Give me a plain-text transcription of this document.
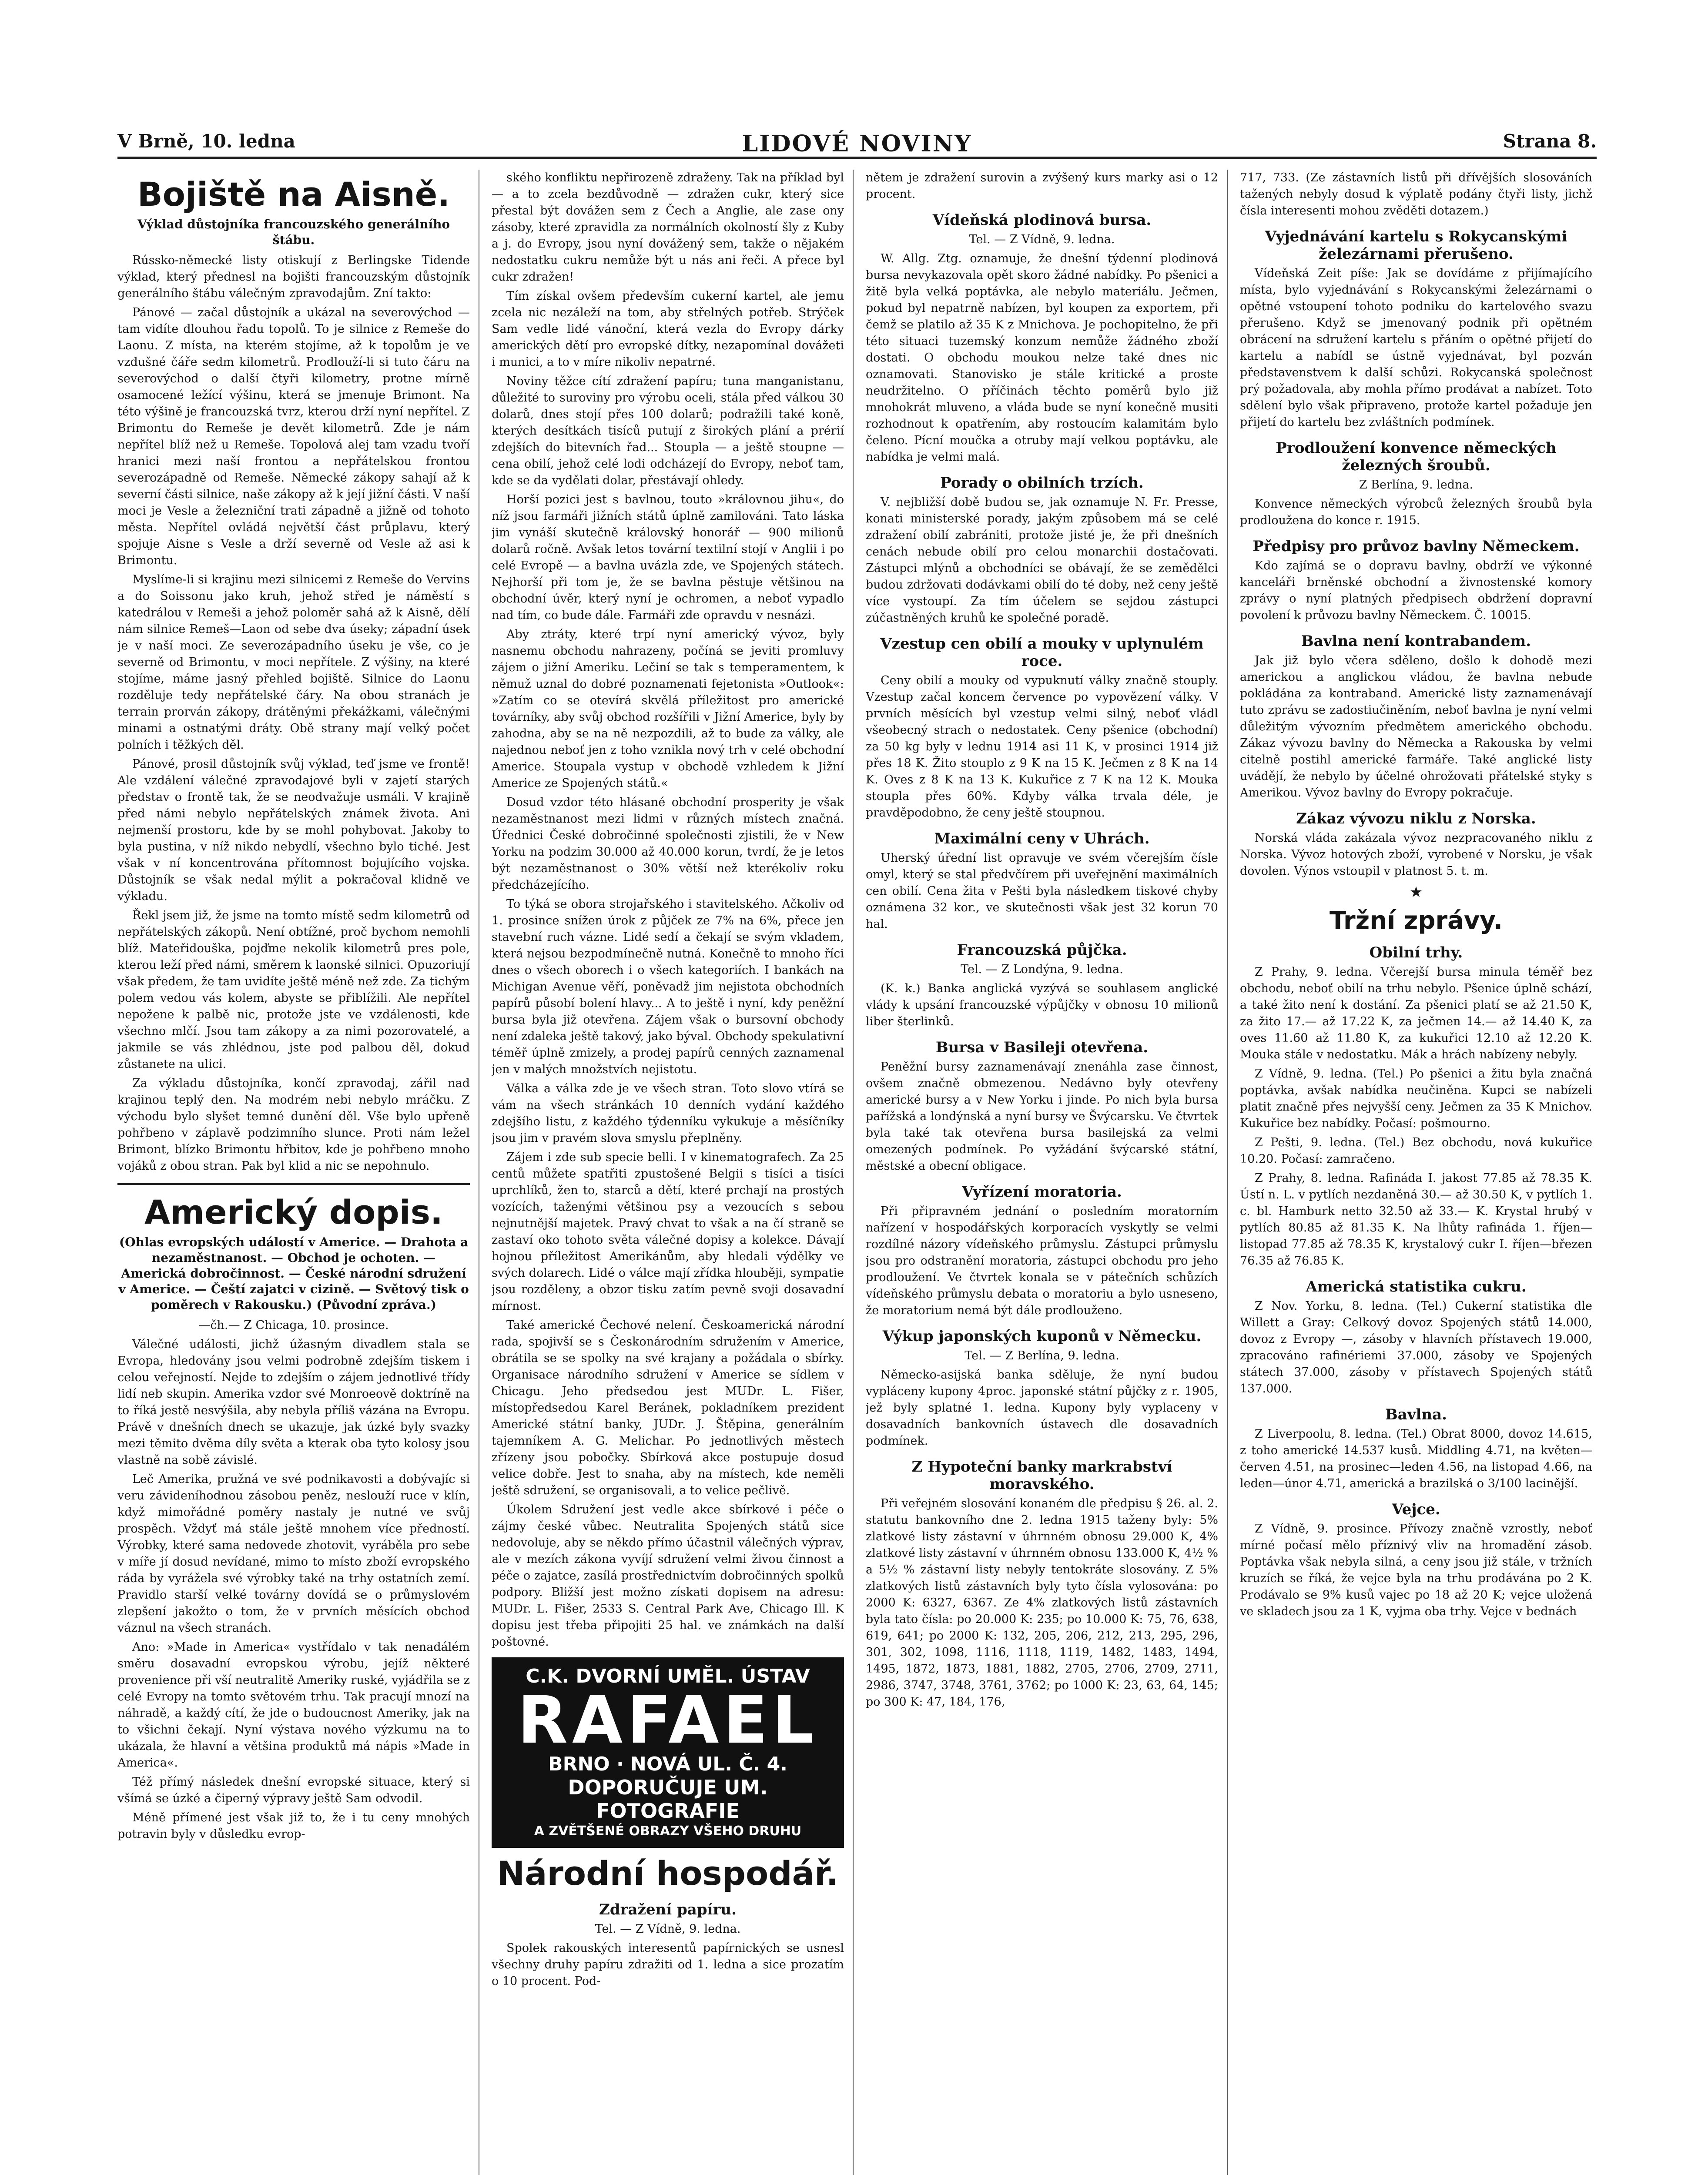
V Brně, 10. ledna	LIDOVÉ NOVINY	Strana 8.
Bojiště na Aisně.
Výklad důstojníka francouzského generálního štábu.

Rússko-německé listy otiskují z Berlingske Tidende výklad, který přednesl na bojišti francouzským důstojník generálního štábu válečným zpravodajům. Zní takto:

Pánové — začal důstojník a ukázal na severovýchod — tam vidíte dlouhou řadu topolů. To je silnice z Remeše do Laonu. Z místa, na kterém stojíme, až k topolům je ve vzdušné čáře sedm kilometrů. Prodlouží-li si tuto čáru na severovýchod o další čtyři kilometry, protne mírně osamocené ležící výšinu, která se jmenuje Brimont. Na této výšině je francouzská tvrz, kterou drží nyní nepřítel. Z Brimontu do Remeše je devět kilometrů. Zde je nám nepřítel blíž než u Remeše. Topolová alej tam vzadu tvoří hranici mezi naší frontou a nepřátelskou frontou severozápadně od Remeše. Německé zákopy sahají až k severní části silnice, naše zákopy až k její jižní části. V naší moci je Vesle a železniční trati západně a jižně od tohoto města. Nepřítel ovládá největší část průplavu, který spojuje Aisne s Vesle a drží severně od Vesle až asi k Brimontu.

Myslíme-li si krajinu mezi silnicemi z Remeše do Vervins a do Soissonu jako kruh, jehož střed je náměstí s katedrálou v Remeši a jehož poloměr sahá až k Aisně, dělí nám silnice Remeš—Laon od sebe dva úseky; západní úsek je v naší moci. Ze severozápadního úseku je vše, co je severně od Brimontu, v moci nepřítele. Z výšiny, na které stojíme, máme jasný přehled bojiště. Silnice do Laonu rozděluje tedy nepřátelské čáry. Na obou stranách je terrain prorván zákopy, drátěnými překážkami, válečnými minami a ostnatými dráty. Obě strany mají velký počet polních i těžkých děl.

Pánové, prosil důstojník svůj výklad, teď jsme ve frontě! Ale vzdálení válečné zpravodajové byli v zajetí starých představ o frontě tak, že se neodvažuje usmáli. V krajině před námi nebylo nepřátelských známek života. Ani nejmenší prostoru, kde by se mohl pohybovat. Jakoby to byla pustina, v níž nikdo nebydlí, všechno bylo tiché. Jest však v ní koncentrována přítomnost bojujícího vojska. Důstojník se však nedal mýlit a pokračoval klidně ve výkladu.

Řekl jsem již, že jsme na tomto místě sedm kilometrů od nepřátelských zákopů. Není obtížné, proč bychom nemohli blíž. Mateřidouška, pojďme nekolik kilometrů pres pole, kterou leží před námi, směrem k laonské silnici. Opuzoriují však předem, že tam uvidíte ještě méně než zde. Za tichým polem vedou vás kolem, abyste se přiblížili. Ale nepřítel nepožene k palbě nic, protože jste ve vzdálenosti, kde všechno mlčí. Jsou tam zákopy a za nimi pozorovatelé, a jakmile se vás zhlédnou, jste pod palbou děl, dokud zůstanete na ulici.

Za výkladu důstojníka, končí zpravodaj, zářil nad krajinou teplý den. Na modrém nebi nebylo mráčku. Z východu bylo slyšet temné dunění děl. Vše bylo upřeně pohřbeno v záplavě podzimního slunce. Proti nám ležel Brimont, blízko Brimontu hřbitov, kde je pohřbeno mnoho vojáků z obou stran. Pak byl klid a nic se nepohnulo.

Americký dopis.
(Ohlas evropských událostí v Americe. — Drahota a nezaměstnanost. — Obchod je ochoten. — Americká dobročinnost. — České národní sdružení v Americe. — Čeští zajatci v cizině. — Světový tisk o poměrech v Rakousku.) (Původní zpráva.)
—čh.— Z Chicaga, 10. prosince.

Válečné události, jichž úžasným divadlem stala se Evropa, hledovány jsou velmi podrobně zdejším tiskem i celou veřejností. Nejde to zdejším o zájem jednotlivé třídy lidí neb skupin. Amerika vzdor své Monroeově doktríně na to říká jestě nesvýšila, aby nebyla příliš vázána na Evropu. Právě v dnešních dnech se ukazuje, jak úzké byly svazky mezi těmito dvěma díly světa a kterak oba tyto kolosy jsou vlastně na sobě závislé.

Leč Amerika, pružná ve své podnikavosti a dobývajíc si veru závideníhodnou zásobou peněz, neslouží ruce v klín, když mimořádné poměry nastaly je nutné ve svůj prospěch. Vždyť má stále ještě mnohem více předností. Výrobky, které sama nedovede zhotovit, vyráběla pro sebe v míře jí dosud nevídané, mimo to místo zboží evropského ráda by vyrážela své výrobky také na trhy ostatních zemí. Pravidlo starší velké továrny dovídá se o průmyslovém zlepšení jakožto o tom, že v prvních měsících obchod váznul na všech stranách.

Ano: »Made in America« vystřídalo v tak nenadálém směru dosavadní evropskou výrobu, jejíž některé provenience při vší neutralitě Ameriky ruské, vyjádřila se z celé Evropy na tomto světovém trhu. Tak pracují mnozí na náhradě, a každý cítí, že jde o budoucnost Ameriky, jak na to všichni čekají. Nyní výstava nového výzkumu na to ukázala, že hlavní a většina produktů má nápis »Made in America«.

Též přímý následek dnešní evropské situace, který si všímá se úzké a čiperný výpravy ještě Sam odvodil.

Méně přímené jest však již to, že i tu ceny mnohých potravin byly v důsledku evrop-

ského konfliktu nepřirozeně zdraženy. Tak na příklad byl — a to zcela bezdůvodně — zdražen cukr, který sice přestal být dovážen sem z Čech a Anglie, ale zase ony zásoby, které zpravidla za normálních okolností šly z Kuby a j. do Evropy, jsou nyní dovážený sem, takže o nějakém nedostatku cukru nemůže být u nás ani řeči. A přece byl cukr zdražen!

Tím získal ovšem především cukerní kartel, ale jemu zcela nic nezáleží na tom, aby střelných potřeb. Strýček Sam vedle lidé vánoční, která vezla do Evropy dárky amerických dětí pro evropské dítky, nezapomínal dovážeti i munici, a to v míre nikoliv nepatrné.

Noviny těžce cítí zdražení papíru; tuna manganistanu, důležité to suroviny pro výrobu oceli, stála před válkou 30 dolarů, dnes stojí přes 100 dolarů; podražili také koně, kterých desítkách tisíců putují z širokých plání a prérií zdejších do bitevních řad... Stoupla — a ještě stoupne — cena obilí, jehož celé lodi odcházejí do Evropy, neboť tam, kde se da vydělati dolar, přestávají ohledy.

Horší pozici jest s bavlnou, touto »královnou jihu«, do níž jsou farmáři jižních států úplně zamilováni. Tato láska jim vynáší skutečně královský honorář — 900 milionů dolarů ročně. Avšak letos tovární textilní stojí v Anglii i po celé Evropě — a bavlna uvázla zde, ve Spojených státech. Nejhorší při tom je, že se bavlna pěstuje většinou na obchodní úvěr, který nyní je ochromen, a neboť vypadlo nad tím, co bude dále. Farmáři zde opravdu v nesnázi.

Aby ztráty, které trpí nyní americký vývoz, byly nasnemu obchodu nahrazeny, počíná se jeviti promluvy zájem o jižní Ameriku. Lečiní se tak s temperamentem, k němuž uznal do dobré poznamenati fejetonista »Outlook«: »Zatím co se otevírá skvělá příležitost pro americké továrníky, aby svůj obchod rozšířili v Jižní Americe, byly by zahodna, aby se na ně nezpozdili, až to bude za války, ale najednou neboť jen z toho vznikla nový trh v celé obchodní Americe. Stoupala vystup v obchodě vzhledem k Jižní Americe ze Spojených států.«

Dosud vzdor této hlásané obchodní prosperity je však nezaměstnanost mezi lidmi v různých místech značná. Úřednici České dobročinné společnosti zjistili, že v New Yorku na podzim 30.000 až 40.000 korun, tvrdí, že je letos být nezaměstnanost o 30% větší než kterékoliv roku předcházejícího.

To týká se obora strojařského i stavitelského. Ačkoliv od 1. prosince snížen úrok z půjček ze 7% na 6%, přece jen stavební ruch vázne. Lidé sedí a čekají se svým vkladem, která nejsou bezpodmínečně nutná. Konečně to mnoho říci dnes o všech oborech i o všech kategoriích. I bankách na Michigan Avenue věří, poněvadž jim nejistota obchodních papírů působí bolení hlavy... A to ještě i nyní, kdy peněžní bursa byla již otevřena. Zájem však o bursovní obchody není zdaleka ještě takový, jako býval. Obchody spekulativní téměř úplně zmizely, a prodej papírů cenných zaznamenal jen v malých množstvích nejistotu.

Válka a válka zde je ve všech stran. Toto slovo vtírá se vám na všech stránkách 10 denních vydání každého zdejšího listu, z každého týdenníku vykukuje a měsíčníky jsou jim v pravém slova smyslu přeplněny.

Zájem i zde sub specie belli. I v kinematografech. Za 25 centů můžete spatřiti zpustošené Belgii s tisíci a tisíci uprchlíků, žen to, starců a dětí, které prchají na prostých vozících, taženými většinou psy a vezoucích s sebou nejnutnější majetek. Pravý chvat to však a na čí straně se zastaví oko tohoto světa válečné dopisy a kolekce. Dávají hojnou příležitost Amerikánům, aby hledali výdělky ve svých dolarech. Lidé o válce mají zřídka hlouběji, sympatie jsou rozděleny, a obzor tisku zatím pevně svoji dosavadní mírnost.

Také americké Čechové nelení. Českoamerická národní rada, spojivší se s Českonárodním sdružením v Americe, obrátila se se spolky na své krajany a požádala o sbírky. Organisace národního sdružení v Americe se sídlem v Chicagu. Jeho předsedou jest MUDr. L. Fišer, místopředsedou Karel Beránek, pokladníkem prezident Americké státní banky, JUDr. J. Štěpina, generálním tajemníkem A. G. Melichar. Po jednotlivých městech zřízeny jsou pobočky. Sbírková akce postupuje dosud velice dobře. Jest to snaha, aby na místech, kde neměli ještě sdružení, se organisovali, a to velice pečlivě.

Úkolem Sdružení jest vedle akce sbírkové i péče o zájmy české vůbec. Neutralita Spojených států sice nedovoluje, aby se někdo přímo účastnil válečných výprav, ale v mezích zákona vyvíjí sdružení velmi živou činnost a péče o zajatce, zasílá prostřednictvím dobročinných spolků podpory. Bližší jest možno získati dopisem na adresu: MUDr. L. Fišer, 2533 S. Central Park Ave, Chicago Ill. K dopisu jest třeba připojiti 25 hal. ve známkách na další poštovné.

C.K. DVORNÍ UMĚL. ÚSTAV
RAFAEL
BRNO · NOVÁ UL. Č. 4.
DOPORUČUJE UM. FOTOGRAFIE
A ZVĚTŠENÉ OBRAZY VŠEHO DRUHU
Národní hospodář.
Zdražení papíru.
Tel. — Z Vídně, 9. ledna.

Spolek rakouských interesentů papírnických se usnesl všechny druhy papíru zdražiti od 1. ledna a sice prozatím o 10 procent. Pod-

nětem je zdražení surovin a zvýšený kurs marky asi o 12 procent.

Vídeňská plodinová bursa.
Tel. — Z Vídně, 9. ledna.

W. Allg. Ztg. oznamuje, že dnešní týdenní plodinová bursa nevykazovala opět skoro žádné nabídky. Po pšenici a žitě byla velká poptávka, ale nebylo materiálu. Ječmen, pokud byl nepatrně nabízen, byl koupen za exportem, při čemž se platilo až 35 K z Mnichova. Je pochopitelno, že při této situaci tuzemský konzum nemůže žádného zboží dostati. O obchodu moukou nelze také dnes nic oznamovati. Stanovisko je stále kritické a proste neudržitelno. O příčinách těchto poměrů bylo již mnohokrát mluveno, a vláda bude se nyní konečně musiti rozhodnout k opatřením, aby rostoucím kalamitám bylo čeleno. Pícní moučka a otruby mají velkou poptávku, ale nabídka je velmi malá.

Porady o obilních trzích.

V. nejbližší době budou se, jak oznamuje N. Fr. Presse, konati ministerské porady, jakým způsobem má se celé zdražení obilí zabrániti, protože jisté je, že při dnešních cenách nebude obilí pro celou monarchii dostačovati. Zástupci mlýnů a obchodníci se obávají, že se zemědělci budou zdržovati dodávkami obilí do té doby, než ceny ještě více vystoupí. Za tím účelem se sejdou zástupci zúčastněných kruhů ke společné poradě.

Vzestup cen obilí a mouky v uplynulém roce.

Ceny obilí a mouky od vypuknutí války značně stouply. Vzestup začal koncem července po vypovězení války. V prvních měsících byl vzestup velmi silný, neboť vládl všeobecný strach o nedostatek. Ceny pšenice (obchodní) za 50 kg byly v lednu 1914 asi 11 K, v prosinci 1914 již přes 18 K. Žito stouplo z 9 K na 15 K. Ječmen z 8 K na 14 K. Oves z 8 K na 13 K. Kukuřice z 7 K na 12 K. Mouka stoupla přes 60%. Kdyby válka trvala déle, je pravděpodobno, že ceny ještě stoupnou.

Maximální ceny v Uhrách.

Uherský úřední list opravuje ve svém včerejším čísle omyl, který se stal předvčírem při uveřejnění maximálních cen obilí. Cena žita v Pešti byla následkem tiskové chyby oznámena 32 kor., ve skutečnosti však jest 32 korun 70 hal.

Francouzská půjčka.
Tel. — Z Londýna, 9. ledna.

(K. k.) Banka anglická vyzývá se souhlasem anglické vlády k upsání francouzské výpůjčky v obnosu 10 milionů liber šterlinků.

Bursa v Basileji otevřena.

Peněžní bursy zaznamenávají znenáhla zase činnost, ovšem značně obmezenou. Nedávno byly otevřeny americké bursy a v New Yorku i jinde. Po nich byla bursa pařížská a londýnská a nyní bursy ve Švýcarsku. Ve čtvrtek byla také tak otevřena bursa basilejská za velmi omezených podmínek. Po vyžádání švýcarské státní, městské a obecní obligace.

Vyřízení moratoria.

Při připravném jednání o posledním moratorním nařízení v hospodářských korporacích vyskytly se velmi rozdílné názory vídeňského průmyslu. Zástupci průmyslu jsou pro odstranění moratoria, zástupci obchodu pro jeho prodloužení. Ve čtvrtek konala se v pátečních schůzích vídeňského průmyslu debata o moratoriu a bylo usneseno, že moratorium nemá být dále prodlouženo.

Výkup japonských kuponů v Německu.
Tel. — Z Berlína, 9. ledna.

Německo-asijská banka sděluje, že nyní budou vypláceny kupony 4proc. japonské státní půjčky z r. 1905, jež byly splatné 1. ledna. Kupony byly vyplaceny v dosavadních bankovních ústavech dle dosavadních podmínek.

Z Hypoteční banky markrabství moravského.

Při veřejném slosování konaném dle předpisu § 26. al. 2. statutu bankovního dne 2. ledna 1915 taženy byly: 5% zlatkové listy zástavní v úhrnném obnosu 29.000 K, 4% zlatkové listy zástavní v úhrnném obnosu 133.000 K, 4½ % a 5½ % zástavní listy nebyly tentokráte slosovány. Z 5% zlatkových listů zástavních byly tyto čísla vylosována: po 2000 K: 6327, 6367. Ze 4% zlatkových listů zástavních byla tato čísla: po 20.000 K: 235; po 10.000 K: 75, 76, 638, 619, 641; po 2000 K: 132, 205, 206, 212, 213, 295, 296, 301, 302, 1098, 1116, 1118, 1119, 1482, 1483, 1494, 1495, 1872, 1873, 1881, 1882, 2705, 2706, 2709, 2711, 2986, 3747, 3748, 3761, 3762; po 1000 K: 23, 63, 64, 145; po 300 K: 47, 184, 176,

717, 733. (Ze zástavních listů při dřívějších slosováních tažených nebyly dosud k výplatě podány čtyři listy, jichž čísla interesenti mohou zvěděti dotazem.)

Vyjednávání kartelu s Rokycanskými železárnami přerušeno.

Vídeňská Zeit píše: Jak se dovídáme z přijímajícího místa, bylo vyjednávání s Rokycanskými železárnami o opětné vstoupení tohoto podniku do kartelového svazu přerušeno. Když se jmenovaný podnik při opětném obrácení na sdružení kartelu s přáním o opětné přijetí do kartelu a nabídl se ústně vyjednávat, byl pozván představenstvem k další schůzi. Rokycanská společnost prý požadovala, aby mohla přímo prodávat a nabízet. Toto sdělení bylo však připraveno, protože kartel požaduje jen přijetí do kartelu bez zvláštních podmínek.

Prodloužení konvence německých železných šroubů.
Z Berlína, 9. ledna.

Konvence německých výrobců železných šroubů byla prodloužena do konce r. 1915.

Předpisy pro průvoz bavlny Německem.

Kdo zajímá se o dopravu bavlny, obdrží ve výkonné kanceláři brněnské obchodní a živnostenské komory zprávy o nyní platných předpisech obdržení dopravní povolení k průvozu bavlny Německem. Č. 10015.

Bavlna není kontrabandem.

Jak již bylo včera sděleno, došlo k dohodě mezi americkou a anglickou vládou, že bavlna nebude pokládána za kontraband. Americké listy zaznamenávají tuto zprávu se zadostiučiněním, neboť bavlna je nyní velmi důležitým vývozním předmětem amerického obchodu. Zákaz vývozu bavlny do Německa a Rakouska by velmi citelně postihl americké farmáře. Také anglické listy uvádějí, že nebylo by účelné ohrožovati přátelské styky s Amerikou. Vývoz bavlny do Evropy pokračuje.

Zákaz vývozu niklu z Norska.

Norská vláda zakázala vývoz nezpracovaného niklu z Norska. Vývoz hotových zboží, vyrobené v Norsku, je však dovolen. Výnos vstoupil v platnost 5. t. m.

★
Tržní zprávy.
Obilní trhy.

Z Prahy, 9. ledna. Včerejší bursa minula téměř bez obchodu, neboť obilí na trhu nebylo. Pšenice úplně schází, a také žito není k dostání. Za pšenici platí se až 21.50 K, za žito 17.— až 17.22 K, za ječmen 14.— až 14.40 K, za oves 11.60 až 11.80 K, za kukuřici 12.10 až 12.20 K. Mouka stále v nedostatku. Mák a hrách nabízeny nebyly.

Z Vídně, 9. ledna. (Tel.) Po pšenici a žitu byla značná poptávka, avšak nabídka neučiněna. Kupci se nabízeli platit značně přes nejvyšší ceny. Ječmen za 35 K Mnichov. Kukuřice bez nabídky. Počasí: pošmourno.

Z Pešti, 9. ledna. (Tel.) Bez obchodu, nová kukuřice 10.20. Počasí: zamračeno.

Z Prahy, 8. ledna. Rafináda I. jakost 77.85 až 78.35 K. Ústí n. L. v pytlích nezdaněná 30.— až 30.50 K, v pytlích 1. c. bl. Hamburk netto 32.50 až 33.— K. Krystal hrubý v pytlích 80.85 až 81.35 K. Na lhůty rafináda 1. říjen—listopad 77.85 až 78.35 K, krystalový cukr I. říjen—březen 76.35 až 76.85 K.

Americká statistika cukru.

Z Nov. Yorku, 8. ledna. (Tel.) Cukerní statistika dle Willett a Gray: Celkový dovoz Spojených států 14.000, dovoz z Evropy —, zásoby v hlavních přístavech 19.000, zpracováno rafinériemi 37.000, zásoby ve Spojených státech 37.000, zásoby v přístavech Spojených států 137.000.

Bavlna.

Z Liverpoolu, 8. ledna. (Tel.) Obrat 8000, dovoz 14.615, z toho americké 14.537 kusů. Middling 4.71, na květen—červen 4.51, na prosinec—leden 4.56, na listopad 4.66, na leden—únor 4.71, americká a brazilská o 3/100 lacinější.

Vejce.

Z Vídně, 9. prosince. Přívozy značně vzrostly, neboť mírné počasí mělo příznivý vliv na hromadění zásob. Poptávka však nebyla silná, a ceny jsou již stále, v tržních kruzích se říká, že vejce byla na trhu prodávána po 2 K. Prodávalo se 9% kusů vajec po 18 až 20 K; vejce uložená ve skladech jsou za 1 K, vyjma oba trhy. Vejce v bednách
